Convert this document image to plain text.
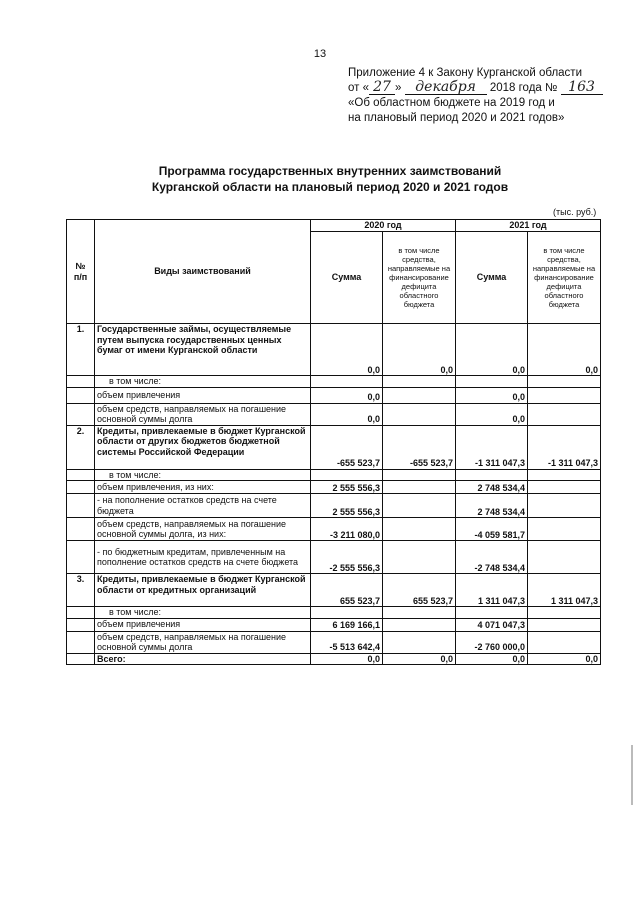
13
Приложение 4 к Закону Курганской области
от « 27 » декабря 2018 года № 163
«Об областном бюджете на 2019 год и
на плановый период 2020 и 2021 годов»
Программа государственных внутренних заимствований
Курганской области на плановый период 2020 и 2021 годов
(тыс. руб.)
№
п/п	Виды заимствований	2020 год		2021 год	
		Сумма	в том числе средства, направляемые на финансирование дефицита областного бюджета	Сумма	в том числе средства, направляемые на финансирование дефицита областного бюджета
1.	Государственные займы, осуществляемые путем выпуска государственных ценных бумаг от имени Курганской области	0,0	0,0	0,0	0,0

	в том числе:				

	объем привлечения	0,0		0,0	
	объем средств, направляемых на погашение основной суммы долга	0,0		0,0	
2.	Кредиты, привлекаемые в бюджет Курганской области от других бюджетов бюджетной системы Российской Федерации	-655 523,7	-655 523,7	-1 311 047,3	-1 311 047,3

	в том числе:				

	объем привлечения, из них:	2 555 556,3		2 748 534,4	
	- на пополнение остатков средств на счете бюджета	2 555 556,3		2 748 534,4	
	объем средств, направляемых на погашение основной суммы долга, из них:	-3 211 080,0		-4 059 581,7	
	- по бюджетным кредитам, привлеченным на пополнение остатков средств на счете бюджета	-2 555 556,3		-2 748 534,4	
3.	Кредиты, привлекаемые в бюджет Курганской области от кредитных организаций	655 523,7	655 523,7	1 311 047,3	1 311 047,3

	в том числе:				

	объем привлечения	6 169 166,1		4 071 047,3	
	объем средств, направляемых на погашение основной суммы долга	-5 513 642,4		-2 760 000,0	
	Всего:	0,0	0,0	0,0	0,0
